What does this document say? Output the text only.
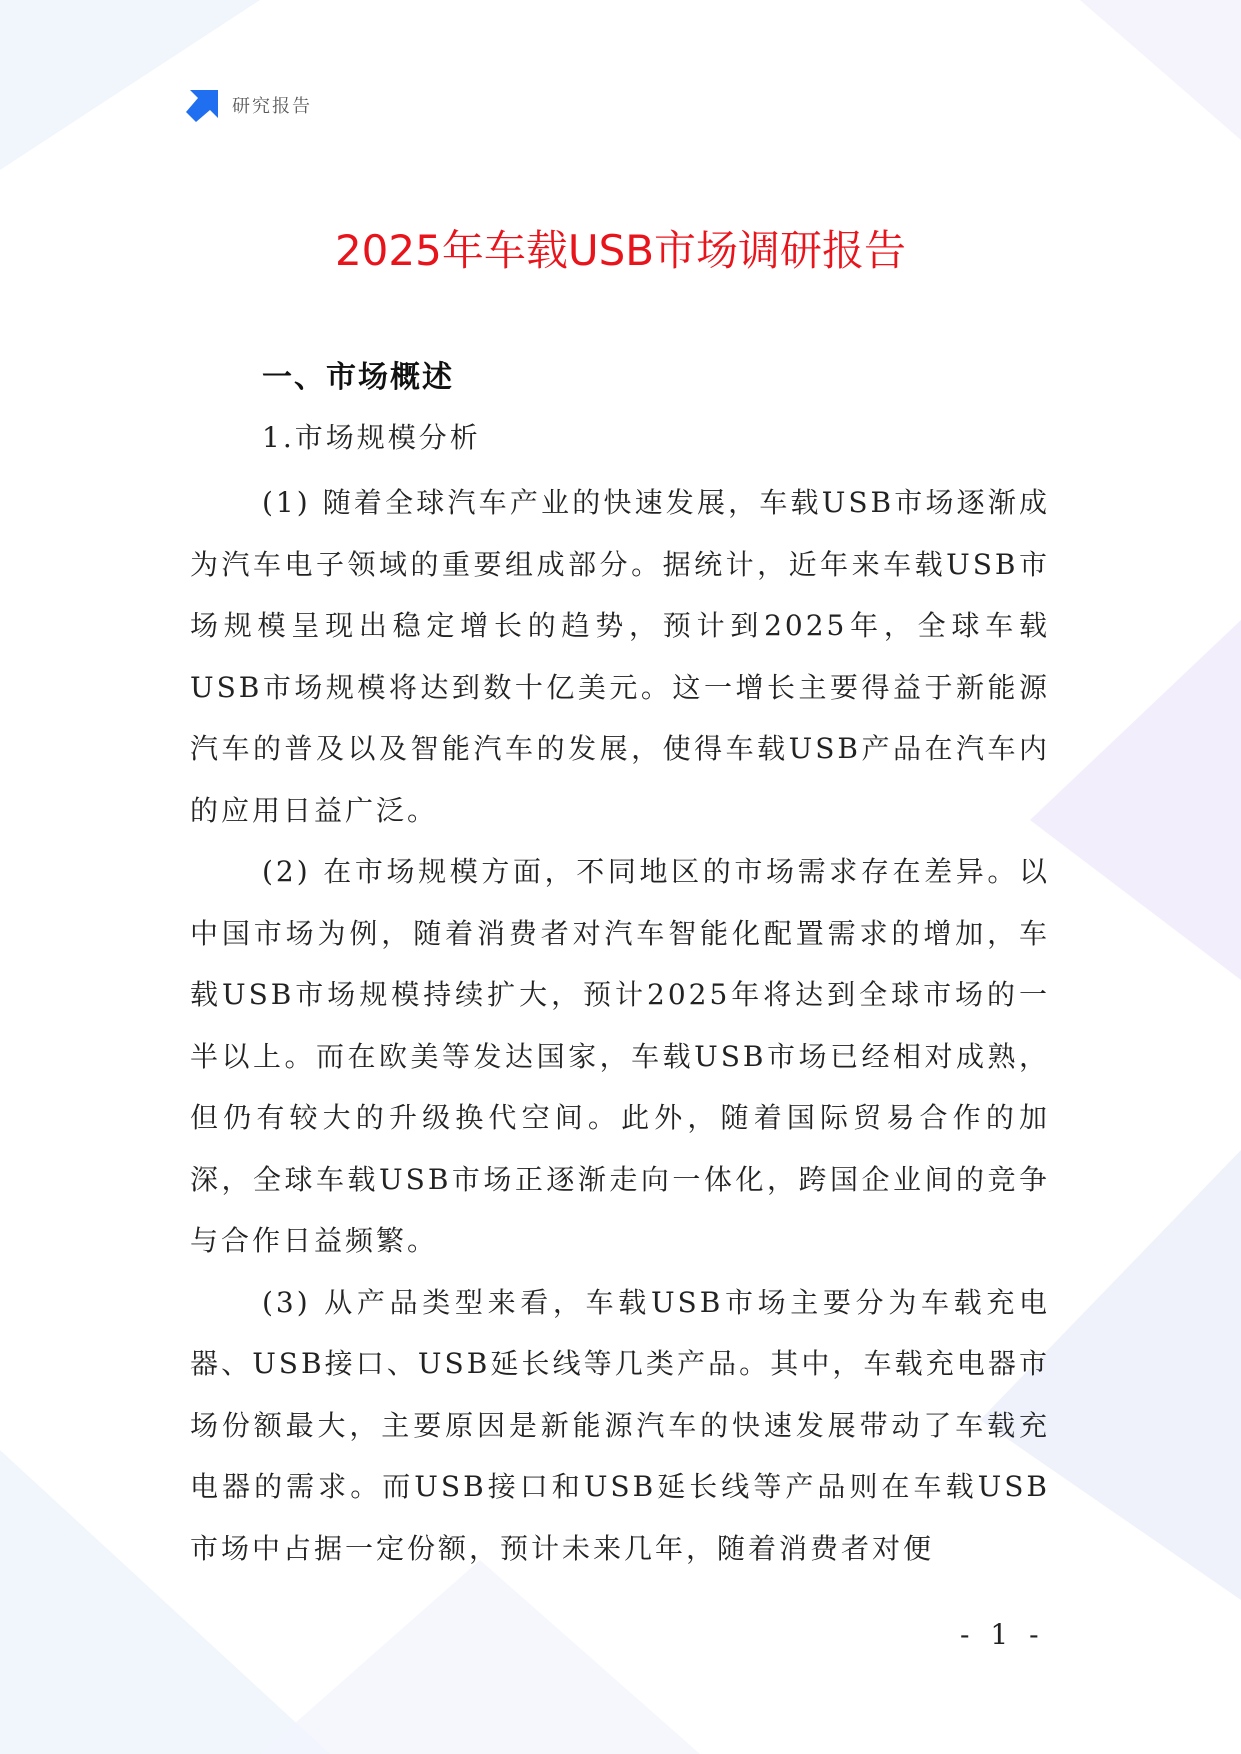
研究报告
2025年车载USB市场调研报告
一、市场概述
1.市场规模分析

(1) 随着全球汽车产业的快速发展，车载USB市场逐渐成为汽车电子领域的重要组成部分。据统计，近年来车载USB市场规模呈现出稳定增长的趋势，预计到2025年，全球车载USB市场规模将达到数十亿美元。这一增长主要得益于新能源汽车的普及以及智能汽车的发展，使得车载USB产品在汽车内的应用日益广泛。

(2) 在市场规模方面，不同地区的市场需求存在差异。以中国市场为例，随着消费者对汽车智能化配置需求的增加，车载USB市场规模持续扩大，预计2025年将达到全球市场的一半以上。而在欧美等发达国家，车载USB市场已经相对成熟，但仍有较大的升级换代空间。此外，随着国际贸易合作的加深，全球车载USB市场正逐渐走向一体化，跨国企业间的竞争与合作日益频繁。

(3) 从产品类型来看，车载USB市场主要分为车载充电器、USB接口、USB延长线等几类产品。其中，车载充电器市场份额最大，主要原因是新能源汽车的快速发展带动了车载充电器的需求。而USB接口和USB延长线等产品则在车载USB市场中占据一定份额，预计未来几年，随着消费者对便

- 1 -
